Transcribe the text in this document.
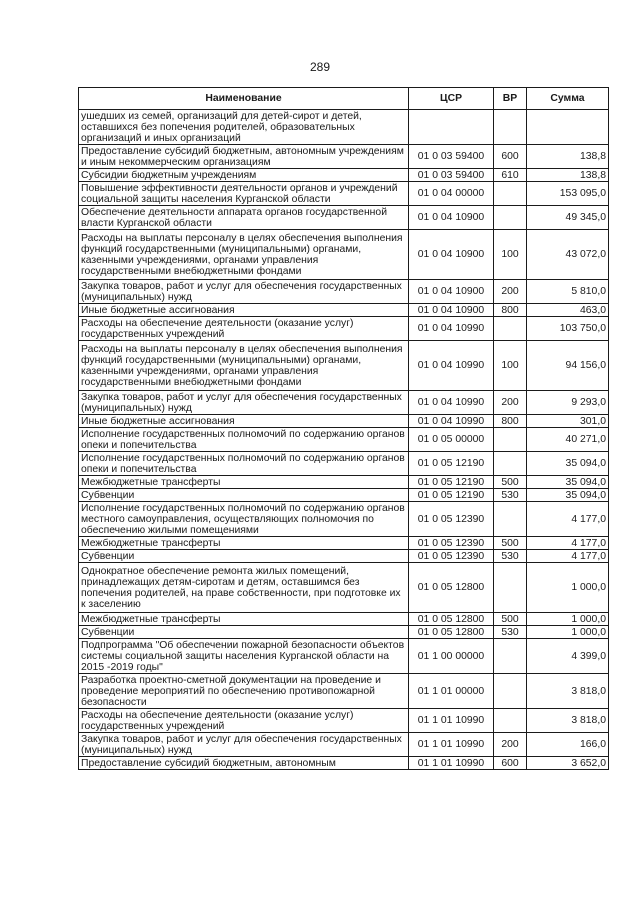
289
Наименование	ЦСР	ВР	Сумма
ушедших из семей, организаций для детей-сирот и детей, оставшихся без попечения родителей, образовательных организаций и иных организаций			
Предоставление субсидий бюджетным, автономным учреждениям и иным некоммерческим организациям	01 0 03 59400	600	138,8
Субсидии бюджетным учреждениям	01 0 03 59400	610	138,8
Повышение эффективности деятельности органов и учреждений социальной защиты населения Курганской области	01 0 04 00000		153 095,0
Обеспечение деятельности аппарата органов государственной власти Курганской области	01 0 04 10900		49 345,0
Расходы на выплаты персоналу в целях обеспечения выполнения функций государственными (муниципальными) органами, казенными учреждениями, органами управления государственными внебюджетными фондами	01 0 04 10900	100	43 072,0
Закупка товаров, работ и услуг для обеспечения государственных (муниципальных) нужд	01 0 04 10900	200	5 810,0
Иные бюджетные ассигнования	01 0 04 10900	800	463,0
Расходы на обеспечение деятельности (оказание услуг) государственных учреждений	01 0 04 10990		103 750,0
Расходы на выплаты персоналу в целях обеспечения выполнения функций государственными (муниципальными) органами, казенными учреждениями, органами управления государственными внебюджетными фондами	01 0 04 10990	100	94 156,0
Закупка товаров, работ и услуг для обеспечения государственных (муниципальных) нужд	01 0 04 10990	200	9 293,0
Иные бюджетные ассигнования	01 0 04 10990	800	301,0
Исполнение государственных полномочий по содержанию органов опеки и попечительства	01 0 05 00000		40 271,0
Исполнение государственных полномочий по содержанию органов опеки и попечительства	01 0 05 12190		35 094,0
Межбюджетные трансферты	01 0 05 12190	500	35 094,0
Субвенции	01 0 05 12190	530	35 094,0
Исполнение государственных полномочий по содержанию органов местного самоуправления, осуществляющих полномочия по обеспечению жилыми помещениями	01 0 05 12390		4 177,0
Межбюджетные трансферты	01 0 05 12390	500	4 177,0
Субвенции	01 0 05 12390	530	4 177,0
Однократное обеспечение ремонта жилых помещений, принадлежащих детям-сиротам и детям, оставшимся без попечения родителей, на праве собственности, при подготовке их к заселению	01 0 05 12800		1 000,0
Межбюджетные трансферты	01 0 05 12800	500	1 000,0
Субвенции	01 0 05 12800	530	1 000,0
Подпрограмма "Об обеспечении пожарной безопасности объектов системы социальной защиты населения Курганской области на 2015 -2019 годы"	01 1 00 00000		4 399,0
Разработка проектно-сметной документации на проведение и проведение мероприятий по обеспечению противопожарной безопасности	01 1 01 00000		3 818,0
Расходы на обеспечение деятельности (оказание услуг) государственных учреждений	01 1 01 10990		3 818,0
Закупка товаров, работ и услуг для обеспечения государственных (муниципальных) нужд	01 1 01 10990	200	166,0
Предоставление субсидий бюджетным, автономным	01 1 01 10990	600	3 652,0
